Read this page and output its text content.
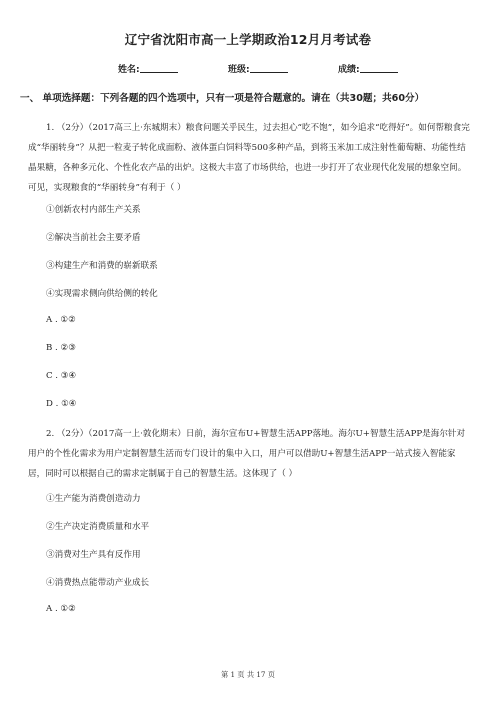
辽宁省沈阳市高一上学期政治12月月考试卷
姓名:	班级:	成绩:
一、 单项选择题：下列各题的四个选项中，只有一项是符合题意的。请在（共30题；共60分）
1. （2分）（2017高三上·东城期末）粮食问题关乎民生，过去担心“吃不饱”，如今追求“吃得好”。如何帮粮食完成“华丽转身”？从把一粒麦子转化成面粉、液体蛋白饲料等500多种产品，到将玉米加工成注射性葡萄糖、功能性结晶果糖，各种多元化、个性化农产品的出炉。这极大丰富了市场供给，也进一步打开了农业现代化发展的想象空间。可见，实现粮食的“华丽转身”有利于（ ）
①创新农村内部生产关系
②解决当前社会主要矛盾
③构建生产和消费的崭新联系
④实现需求侧向供给侧的转化
A . ①②
B . ②③
C . ③④
D . ①④
2. （2分）（2017高一上·敦化期末）日前，海尔宣布U+智慧生活APP落地。海尔U+智慧生活APP是海尔针对用户的个性化需求为用户定制智慧生活而专门设计的集中入口，用户可以借助U+智慧生活APP一站式接入智能家居，同时可以根据自己的需求定制属于自己的智慧生活。这体现了（ ）
①生产能为消费创造动力
②生产决定消费质量和水平
③消费对生产具有反作用
④消费热点能带动产业成长
A . ①②
第 1 页 共 17 页
